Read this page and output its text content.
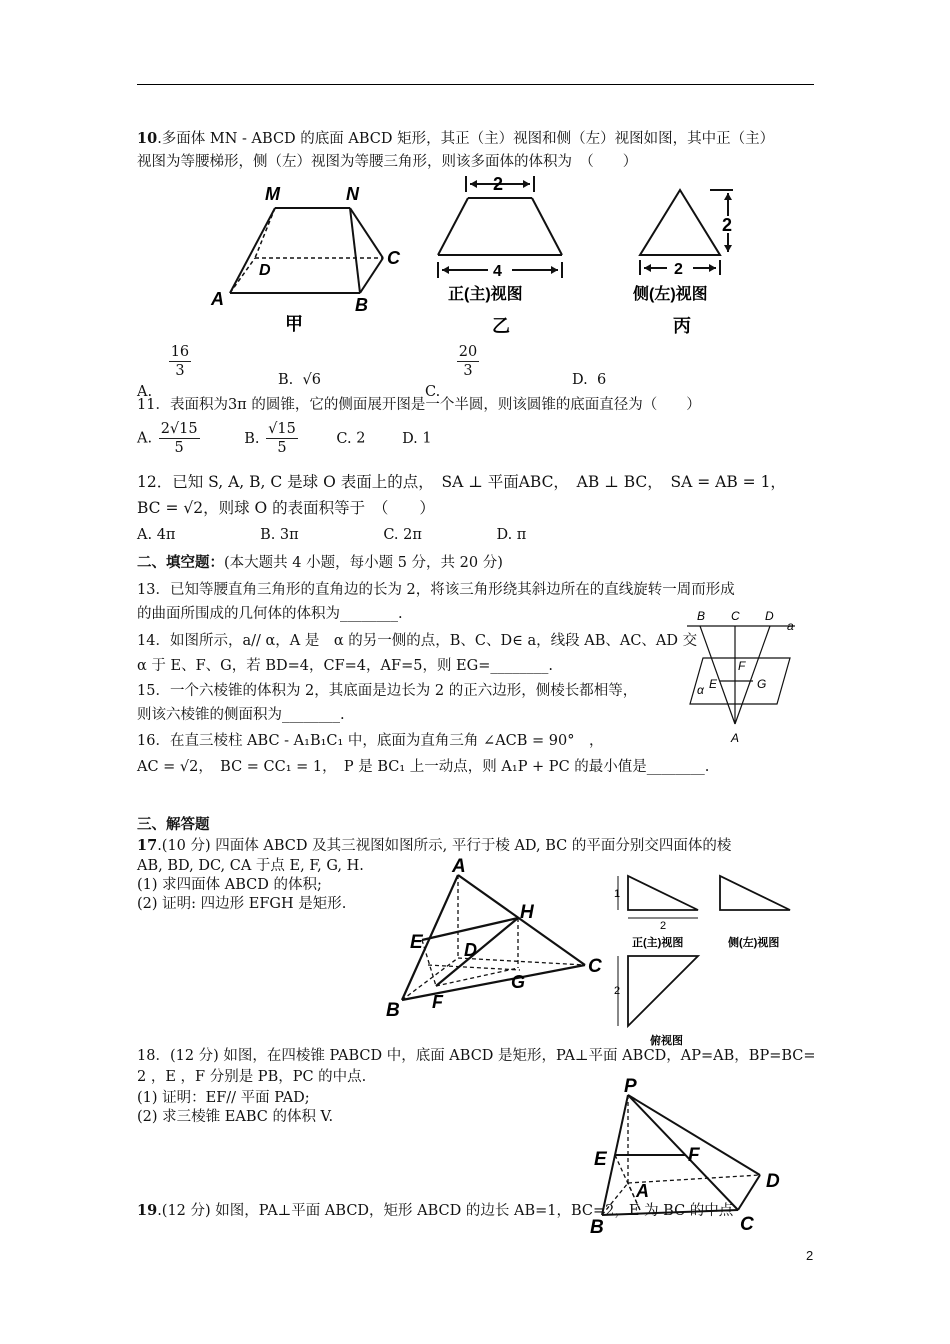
10.多面体 MN - ABCD 的底面 ABCD 矩形，其正（主）视图和侧（左）视图如图，其中正（主）
视图为等腰梯形，侧（左）视图为等腰三角形，则该多面体的体积为　（　　）
M	N
C
D
A	B
甲
2
4
正(主)视图
乙
2
2
侧(左)视图
丙
A.
$\frac{16}{3}$	B. √6
C.
$\frac{20}{3}$	D. 6
11．表面积为3π 的圆锥，它的侧面展开图是一个半圆，则该圆锥的底面直径为（　　）
A. $\frac{2√15}{5}$	B. $\frac{√15}{5}$	C. 2	D. 1
12．已知 S, A, B, C 是球 O 表面上的点，　SA ⊥ 平面ABC，　AB ⊥ BC，　SA = AB = 1，
BC = √2，则球 O 的表面积等于　（　　）
A. 4π	B. 3π	C. 2π	D. π
二、填空题：(本大题共 4 小题，每小题 5 分，共 20 分)
13．已知等腰直角三角形的直角边的长为 2，将该三角形绕其斜边所在的直线旋转一周而形成
的曲面所围成的几何体的体积为________.
14．如图所示，a// α，A 是　α 的另一侧的点，B、C、D∈ a，线段 AB、AC、AD 交
α 于 E、F、G，若 BD=4，CF=4，AF=5，则 EG=________.
B C D
a
F
E	G
α
A
15．一个六棱锥的体积为 2，其底面是边长为 2 的正六边形，侧棱长都相等，
则该六棱锥的侧面积为________.
16．在直三棱柱 ABC - A₁B₁C₁ 中，底面为直角三角 ∠ACB = 90°　，
AC = √2，　BC = CC₁ = 1，　P 是 BC₁ 上一动点，则 A₁P + PC 的最小值是________.
三、解答题
17.(10 分) 四面体 ABCD 及其三视图如图所示, 平行于棱 AD, BC 的平面分别交四面体的棱
AB, BD, DC, CA 于点 E, F, G, H.
(1) 求四面体 ABCD 的体积;
(2) 证明: 四边形 EFGH 是矩形.
A
H
E D
C
G
B F
1
2
正(主)视图	侧(左)视图
2
俯视图
18．(12 分) 如图，在四棱锥 PABCD 中，底面 ABCD 是矩形，PA⊥平面 ABCD，AP=AB，BP=BC=
2 ，E ，F 分别是 PB，PC 的中点.
(1) 证明：EF// 平面 PAD;
(2) 求三棱锥 EABC 的体积 V.
P
E	F
D
A
B	C
19.(12 分) 如图，PA⊥平面 ABCD，矩形 ABCD 的边长 AB=1，BC=2，E 为 BC 的中点
2
